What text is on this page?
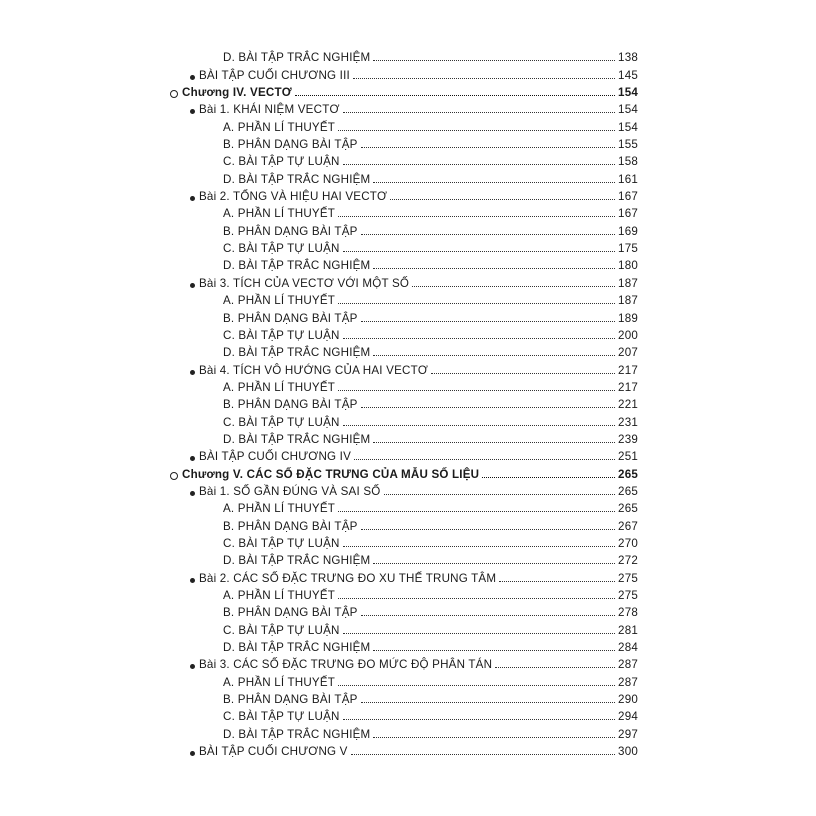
D. BÀI TẬP TRẮC NGHIỆM	138
BÀI TẬP CUỐI CHƯƠNG III	145
Chương IV. VECTƠ	154
Bài 1. KHÁI NIỆM VECTƠ	154
A. PHẦN LÍ THUYẾT	154
B. PHÂN DẠNG BÀI TẬP	155
C. BÀI TẬP TỰ LUẬN	158
D. BÀI TẬP TRẮC NGHIỆM	161
Bài 2. TỔNG VÀ HIỆU HAI VECTƠ	167
A. PHẦN LÍ THUYẾT	167
B. PHÂN DẠNG BÀI TẬP	169
C. BÀI TẬP TỰ LUẬN	175
D. BÀI TẬP TRẮC NGHIỆM	180
Bài 3. TÍCH CỦA VECTƠ VỚI MỘT SỐ	187
A. PHẦN LÍ THUYẾT	187
B. PHÂN DẠNG BÀI TẬP	189
C. BÀI TẬP TỰ LUẬN	200
D. BÀI TẬP TRẮC NGHIỆM	207
Bài 4. TÍCH VÔ HƯỚNG CỦA HAI VECTƠ	217
A. PHẦN LÍ THUYẾT	217
B. PHÂN DẠNG BÀI TẬP	221
C. BÀI TẬP TỰ LUẬN	231
D. BÀI TẬP TRẮC NGHIỆM	239
BÀI TẬP CUỐI CHƯƠNG IV	251
Chương V. CÁC SỐ ĐẶC TRƯNG CỦA MẪU SỐ LIỆU	265
Bài 1. SỐ GẦN ĐÚNG VÀ SAI SỐ	265
A. PHẦN LÍ THUYẾT	265
B. PHÂN DẠNG BÀI TẬP	267
C. BÀI TẬP TỰ LUẬN	270
D. BÀI TẬP TRẮC NGHIỆM	272
Bài 2. CÁC SỐ ĐẶC TRƯNG ĐO XU THẾ TRUNG TÂM	275
A. PHẦN LÍ THUYẾT	275
B. PHÂN DẠNG BÀI TẬP	278
C. BÀI TẬP TỰ LUẬN	281
D. BÀI TẬP TRẮC NGHIỆM	284
Bài 3. CÁC SỐ ĐẶC TRƯNG ĐO MỨC ĐỘ PHÂN TÁN	287
A. PHẦN LÍ THUYẾT	287
B. PHÂN DẠNG BÀI TẬP	290
C. BÀI TẬP TỰ LUẬN	294
D. BÀI TẬP TRẮC NGHIỆM	297
BÀI TẬP CUỐI CHƯƠNG V	300
